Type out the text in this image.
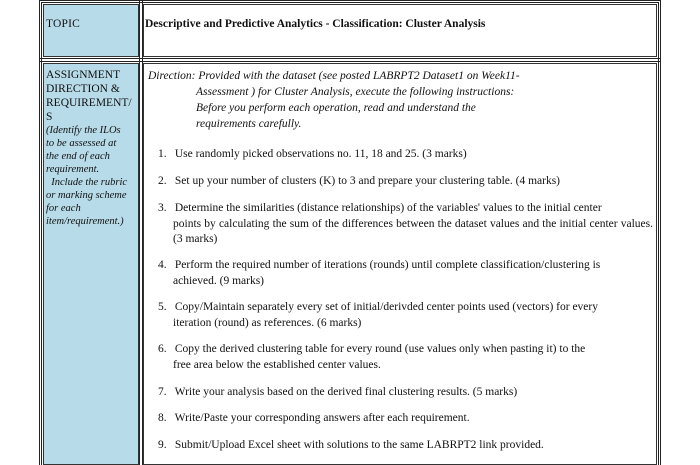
TOPIC	Descriptive and Predictive Analytics - Classification: Cluster Analysis
ASSIGNMENT
DIRECTION &
REQUIREMENT/
S
(Identify the ILOs
to be assessed at
the end of each
requirement.
Include the rubric
or marking scheme
for each
item/requirement.)
Direction: Provided with the dataset (see posted LABRPT2 Dataset1 on Week11-
Assessment ) for Cluster Analysis, execute the following instructions:
Before you perform each operation, read and understand the
requirements carefully.
1. Use randomly picked observations no. 11, 18 and 25. (3 marks)
2. Set up your number of clusters (K) to 3 and prepare your clustering table. (4 marks)
3. Determine the similarities (distance relationships) of the variables' values to the initial center
points by calculating the sum of the differences between the dataset values and the initial center values. (3 marks)
4. Perform the required number of iterations (rounds) until complete classification/clustering is
achieved. (9 marks)
5. Copy/Maintain separately every set of initial/derivded center points used (vectors) for every
iteration (round) as references. (6 marks)
6. Copy the derived clustering table for every round (use values only when pasting it) to the
free area below the established center values.
7. Write your analysis based on the derived final clustering results. (5 marks)
8. Write/Paste your corresponding answers after each requirement.
9. Submit/Upload Excel sheet with solutions to the same LABRPT2 link provided.
